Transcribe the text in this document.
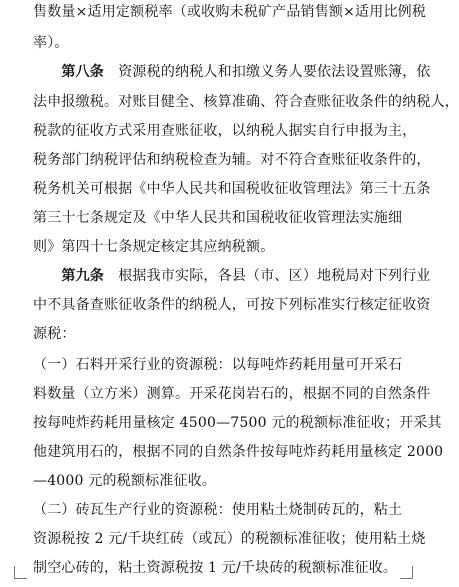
售数量×适用定额税率（或收购未税矿产品销售额×适用比例税
率）。
　　第八条　资源税的纳税人和扣缴义务人要依法设置账簿，依
法申报缴税。对账目健全、核算准确、符合查账征收条件的纳税人，
税款的征收方式采用查账征收，以纳税人据实自行申报为主，
税务部门纳税评估和纳税检查为辅。对不符合查账征收条件的，
税务机关可根据《中华人民共和国税收征收管理法》第三十五条
第三十七条规定及《中华人民共和国税收征收管理法实施细
则》第四十七条规定核定其应纳税额。
　　第九条　根据我市实际，各县（市、区）地税局对下列行业
中不具备查账征收条件的纳税人，可按下列标准实行核定征收资
源税：
（一）石料开采行业的资源税：以每吨炸药耗用量可开采石
料数量（立方米）测算。开采花岗岩石的，根据不同的自然条件
按每吨炸药耗用量核定 4500—7500 元的税额标准征收；开采其
他建筑用石的，根据不同的自然条件按每吨炸药耗用量核定 2000
—4000 元的税额标准征收。
（二）砖瓦生产行业的资源税：使用粘土烧制砖瓦的，粘土
资源税按 2 元/千块红砖（或瓦）的税额标准征收；使用粘土烧
制空心砖的，粘土资源税按 1 元/千块砖的税额标准征收。
